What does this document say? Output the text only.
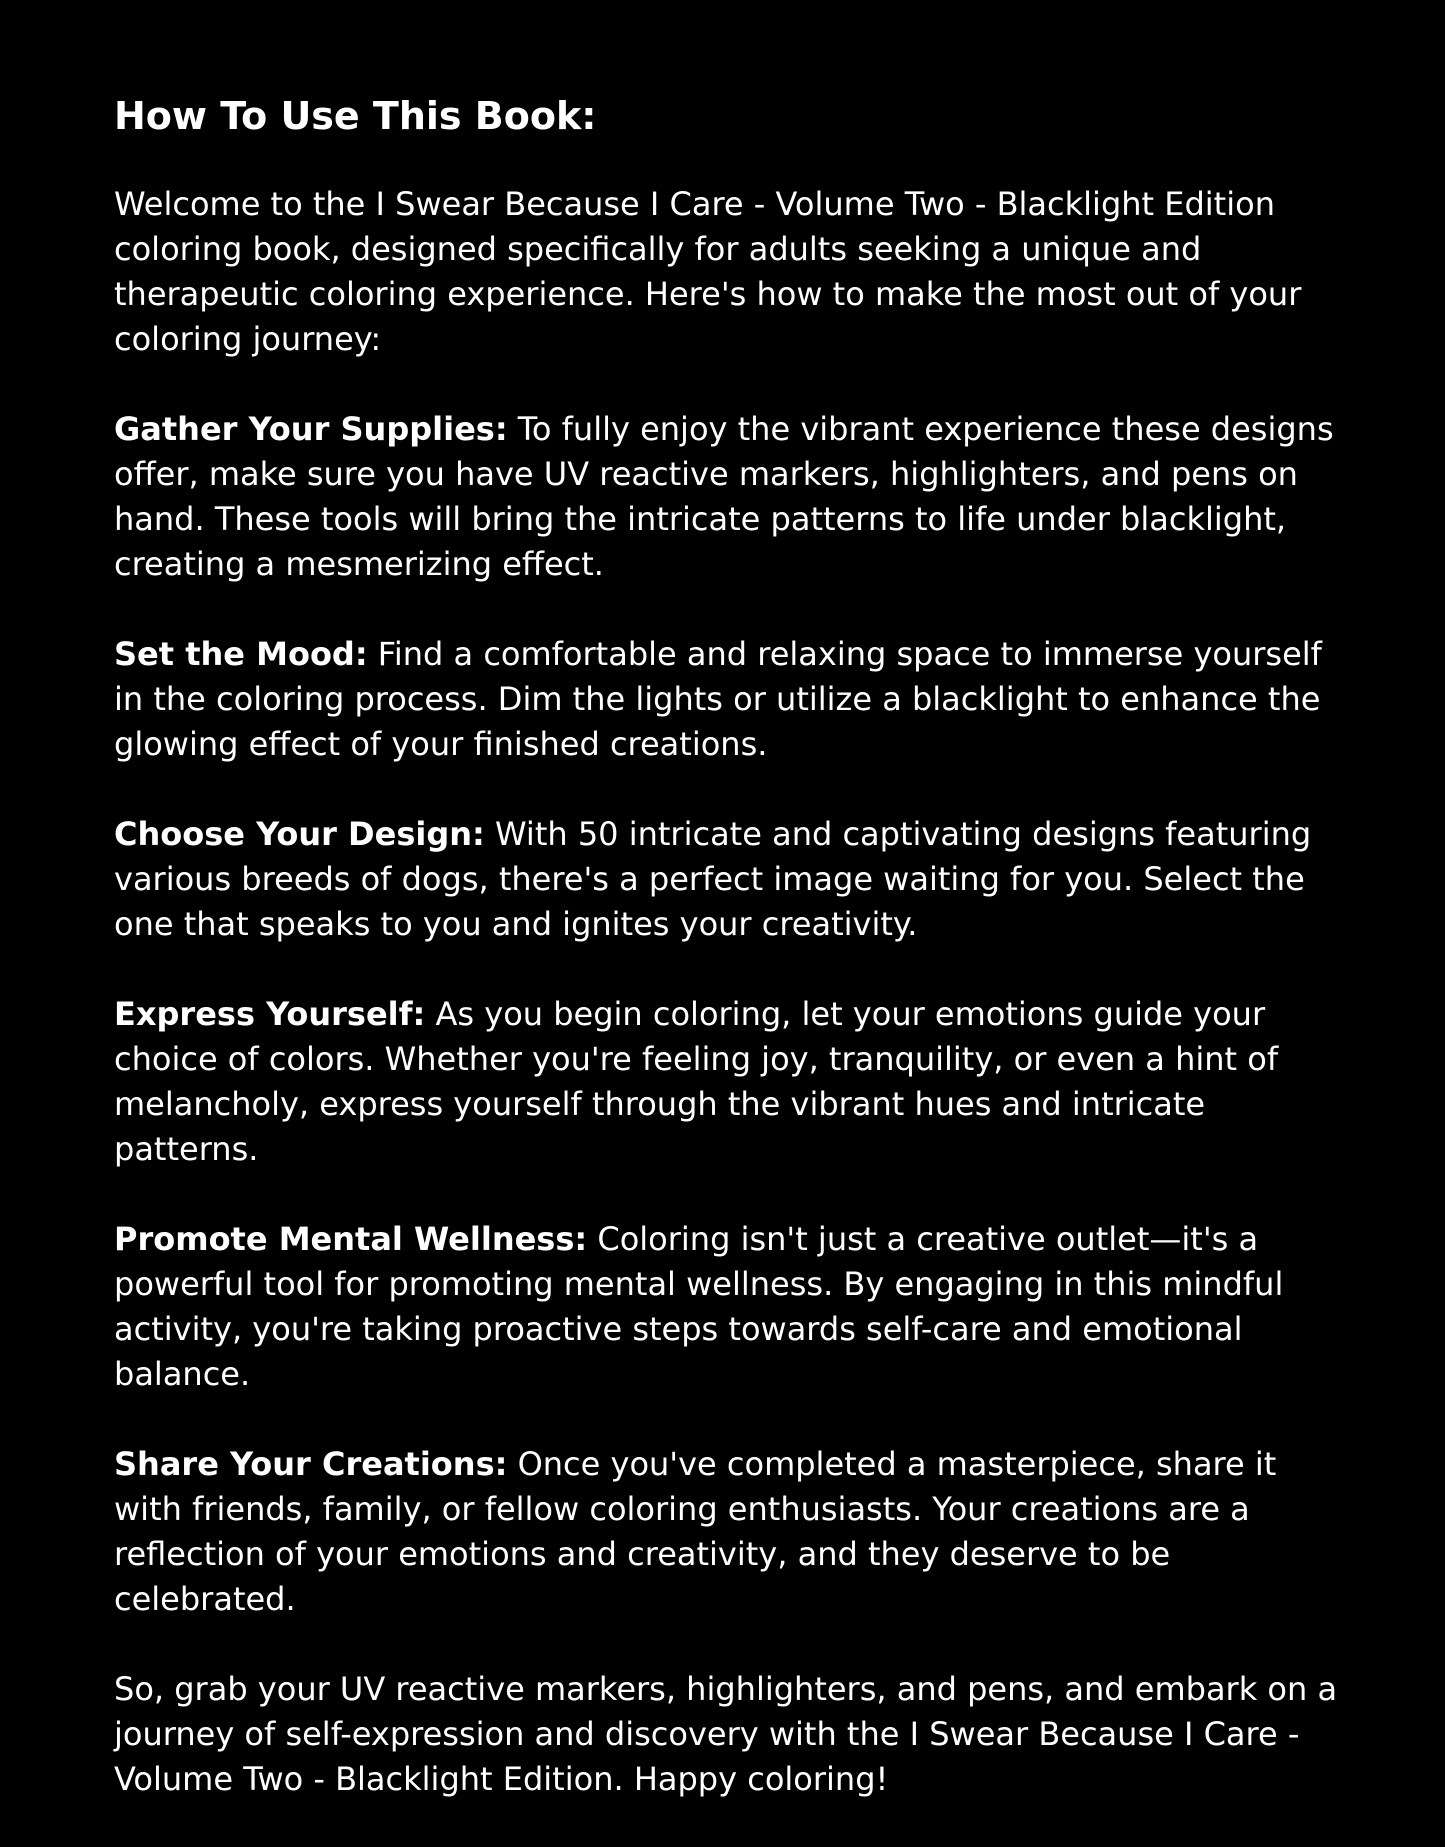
How To Use This Book:

Welcome to the I Swear Because I Care - Volume Two - Blacklight Edition coloring book, designed specifically for adults seeking a unique and therapeutic coloring experience. Here's how to make the most out of your coloring journey:

Gather Your Supplies: To fully enjoy the vibrant experience these designs offer, make sure you have UV reactive markers, highlighters, and pens on hand. These tools will bring the intricate patterns to life under blacklight, creating a mesmerizing effect.

Set the Mood: Find a comfortable and relaxing space to immerse yourself in the coloring process. Dim the lights or utilize a blacklight to enhance the glowing effect of your finished creations.

Choose Your Design: With 50 intricate and captivating designs featuring various breeds of dogs, there's a perfect image waiting for you. Select the one that speaks to you and ignites your creativity.

Express Yourself: As you begin coloring, let your emotions guide your choice of colors. Whether you're feeling joy, tranquility, or even a hint of melancholy, express yourself through the vibrant hues and intricate patterns.

Promote Mental Wellness: Coloring isn't just a creative outlet—it's a powerful tool for promoting mental wellness. By engaging in this mindful activity, you're taking proactive steps towards self-care and emotional balance.

Share Your Creations: Once you've completed a masterpiece, share it with friends, family, or fellow coloring enthusiasts. Your creations are a reflection of your emotions and creativity, and they deserve to be celebrated.

So, grab your UV reactive markers, highlighters, and pens, and embark on a journey of self-expression and discovery with the I Swear Because I Care - Volume Two - Blacklight Edition. Happy coloring!
